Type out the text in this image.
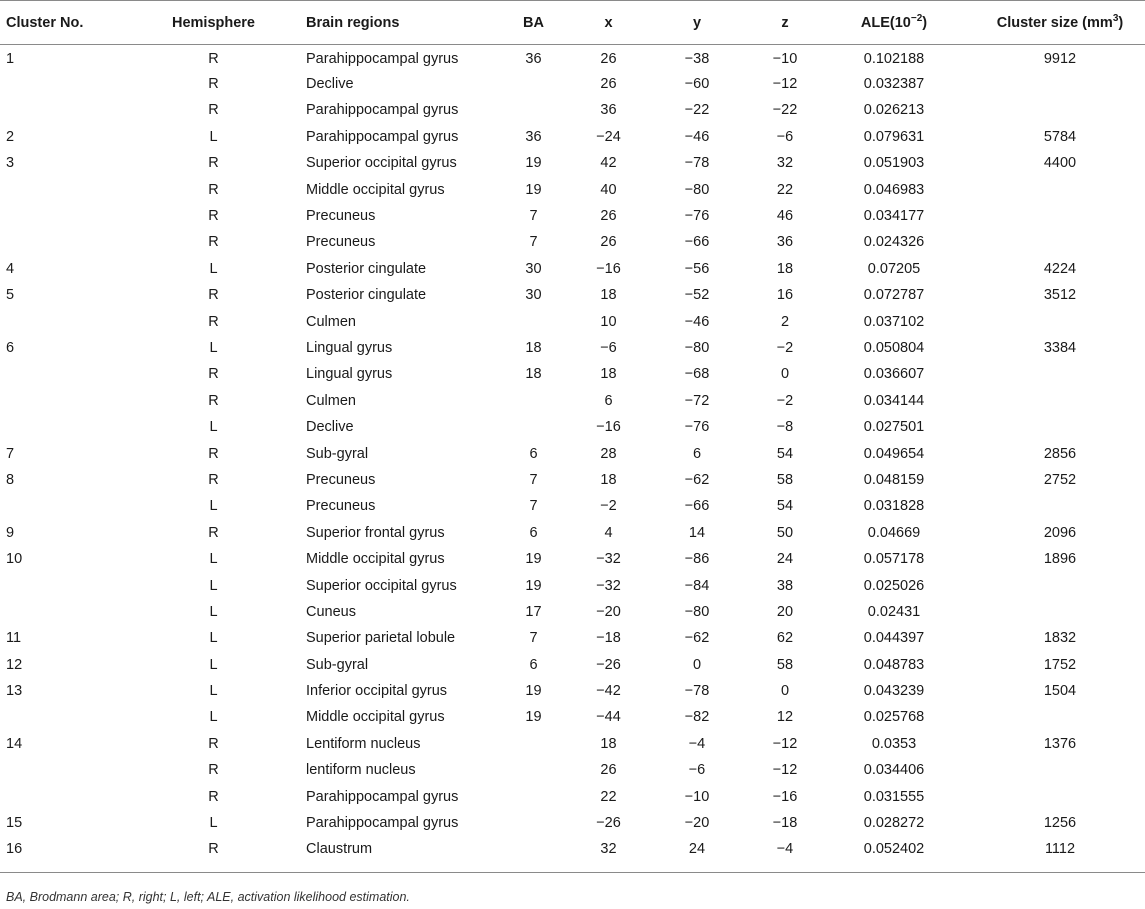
Cluster No.	Hemisphere	Brain regions	BA	x	y	z	$ALE(10^{-2})$	Cluster size $(mm^3)$
1	R	Parahippocampal gyrus	36	26	−38	−10	0.102188	9912
	R	Declive		26	−60	−12	0.032387	
	R	Parahippocampal gyrus		36	−22	−22	0.026213	
2	L	Parahippocampal gyrus	36	−24	−46	−6	0.079631	5784
3	R	Superior occipital gyrus	19	42	−78	32	0.051903	4400
	R	Middle occipital gyrus	19	40	−80	22	0.046983	
	R	Precuneus	7	26	−76	46	0.034177	
	R	Precuneus	7	26	−66	36	0.024326	
4	L	Posterior cingulate	30	−16	−56	18	0.07205	4224
5	R	Posterior cingulate	30	18	−52	16	0.072787	3512
	R	Culmen		10	−46	2	0.037102	
6	L	Lingual gyrus	18	−6	−80	−2	0.050804	3384
	R	Lingual gyrus	18	18	−68	0	0.036607	
	R	Culmen		6	−72	−2	0.034144	
	L	Declive		−16	−76	−8	0.027501	
7	R	Sub-gyral	6	28	6	54	0.049654	2856
8	R	Precuneus	7	18	−62	58	0.048159	2752
	L	Precuneus	7	−2	−66	54	0.031828	
9	R	Superior frontal gyrus	6	4	14	50	0.04669	2096
10	L	Middle occipital gyrus	19	−32	−86	24	0.057178	1896
	L	Superior occipital gyrus	19	−32	−84	38	0.025026	
	L	Cuneus	17	−20	−80	20	0.02431	
11	L	Superior parietal lobule	7	−18	−62	62	0.044397	1832
12	L	Sub-gyral	6	−26	0	58	0.048783	1752
13	L	Inferior occipital gyrus	19	−42	−78	0	0.043239	1504
	L	Middle occipital gyrus	19	−44	−82	12	0.025768	
14	R	Lentiform nucleus		18	−4	−12	0.0353	1376
	R	lentiform nucleus		26	−6	−12	0.034406	
	R	Parahippocampal gyrus		22	−10	−16	0.031555	
15	L	Parahippocampal gyrus		−26	−20	−18	0.028272	1256
16	R	Claustrum		32	24	−4	0.052402	1112

BA, Brodmann area; R, right; L, left; ALE, activation likelihood estimation.
